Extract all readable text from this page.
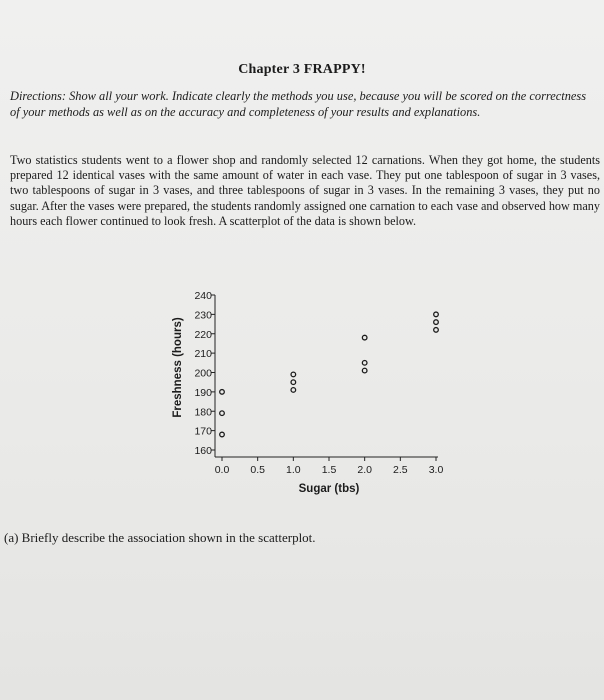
Chapter 3 FRAPPY!
Directions: Show all your work. Indicate clearly the methods you use, because you will be scored on the correctness of your methods as well as on the accuracy and completeness of your results and explanations.
Two statistics students went to a flower shop and randomly selected 12 carnations. When they got home, the students prepared 12 identical vases with the same amount of water in each vase. They put one tablespoon of sugar in 3 vases, two tablespoons of sugar in 3 vases, and three tablespoons of sugar in 3 vases. In the remaining 3 vases, they put no sugar. After the vases were prepared, the students randomly assigned one carnation to each vase and observed how many hours each flower continued to look fresh. A scatterplot of the data is shown below.
160
170
180
190
200
210
220
230
240
0.0 0.5 1.0 1.5 2.0 2.5 3.0
Sugar (tbs)
Freshness (hours)
(a) Briefly describe the association shown in the scatterplot.
